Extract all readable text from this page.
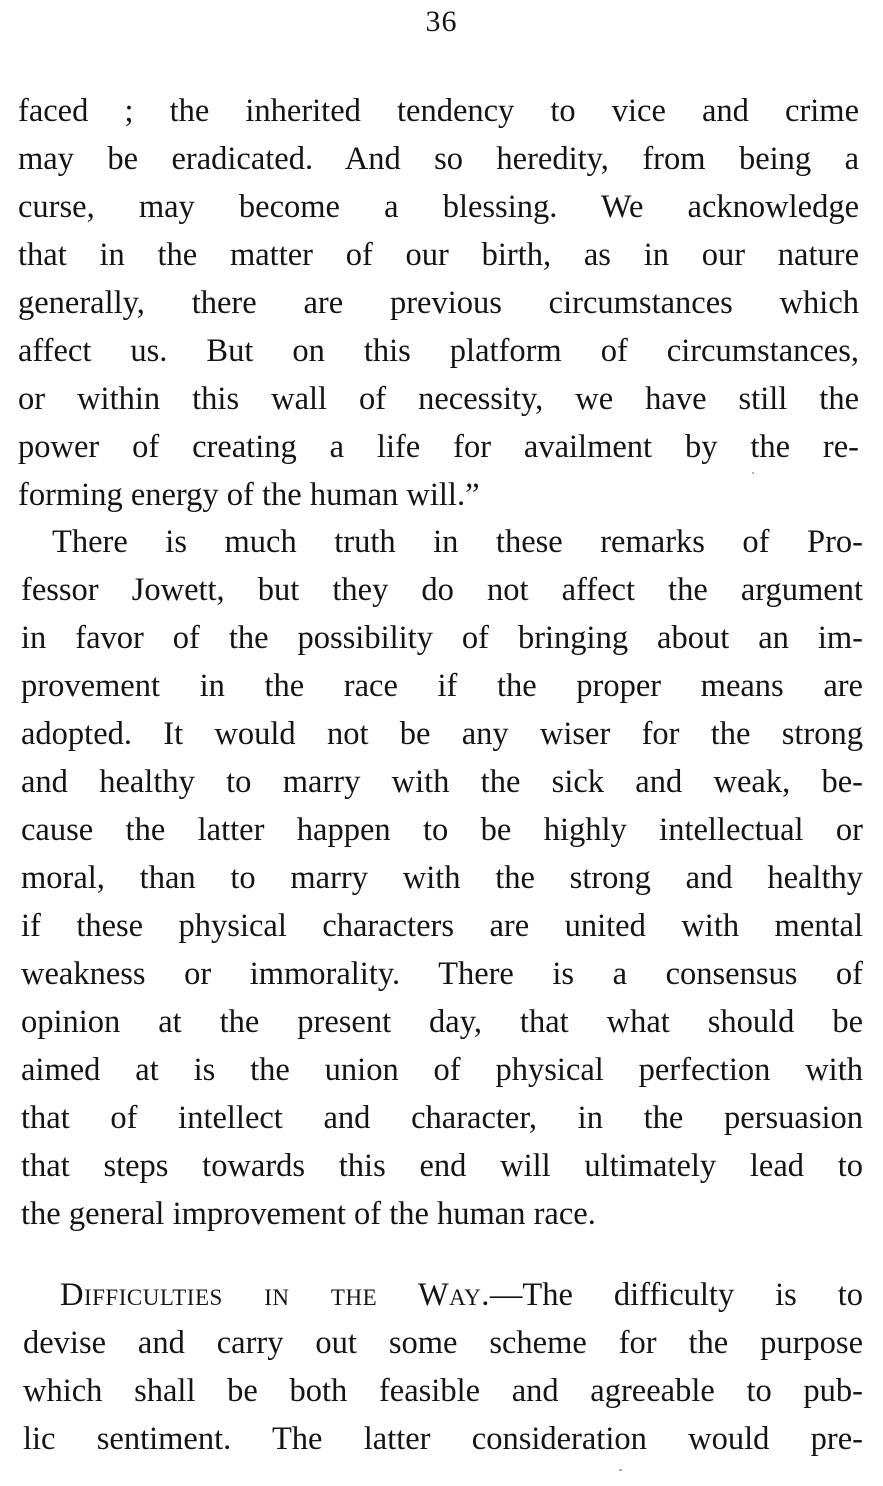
36
faced ; the inherited tendency to vice and crime
may be eradicated. And so heredity, from being a
curse, may become a blessing. We acknowledge
that in the matter of our birth, as in our nature
generally, there are previous circumstances which
affect us. But on this platform of circumstances,
or within this wall of necessity, we have still the
power of creating a life for availment by the re-
forming energy of the human will.”
There is much truth in these remarks of Pro-
fessor Jowett, but they do not affect the argument
in favor of the possibility of bringing about an im-
provement in the race if the proper means are
adopted. It would not be any wiser for the strong
and healthy to marry with the sick and weak, be-
cause the latter happen to be highly intellectual or
moral, than to marry with the strong and healthy
if these physical characters are united with mental
weakness or immorality. There is a consensus of
opinion at the present day, that what should be
aimed at is the union of physical perfection with
that of intellect and character, in the persuasion
that steps towards this end will ultimately lead to
the general improvement of the human race.
Difficulties in the Way.—The difficulty is to
devise and carry out some scheme for the purpose
which shall be both feasible and agreeable to pub-
lic sentiment. The latter consideration would pre-
